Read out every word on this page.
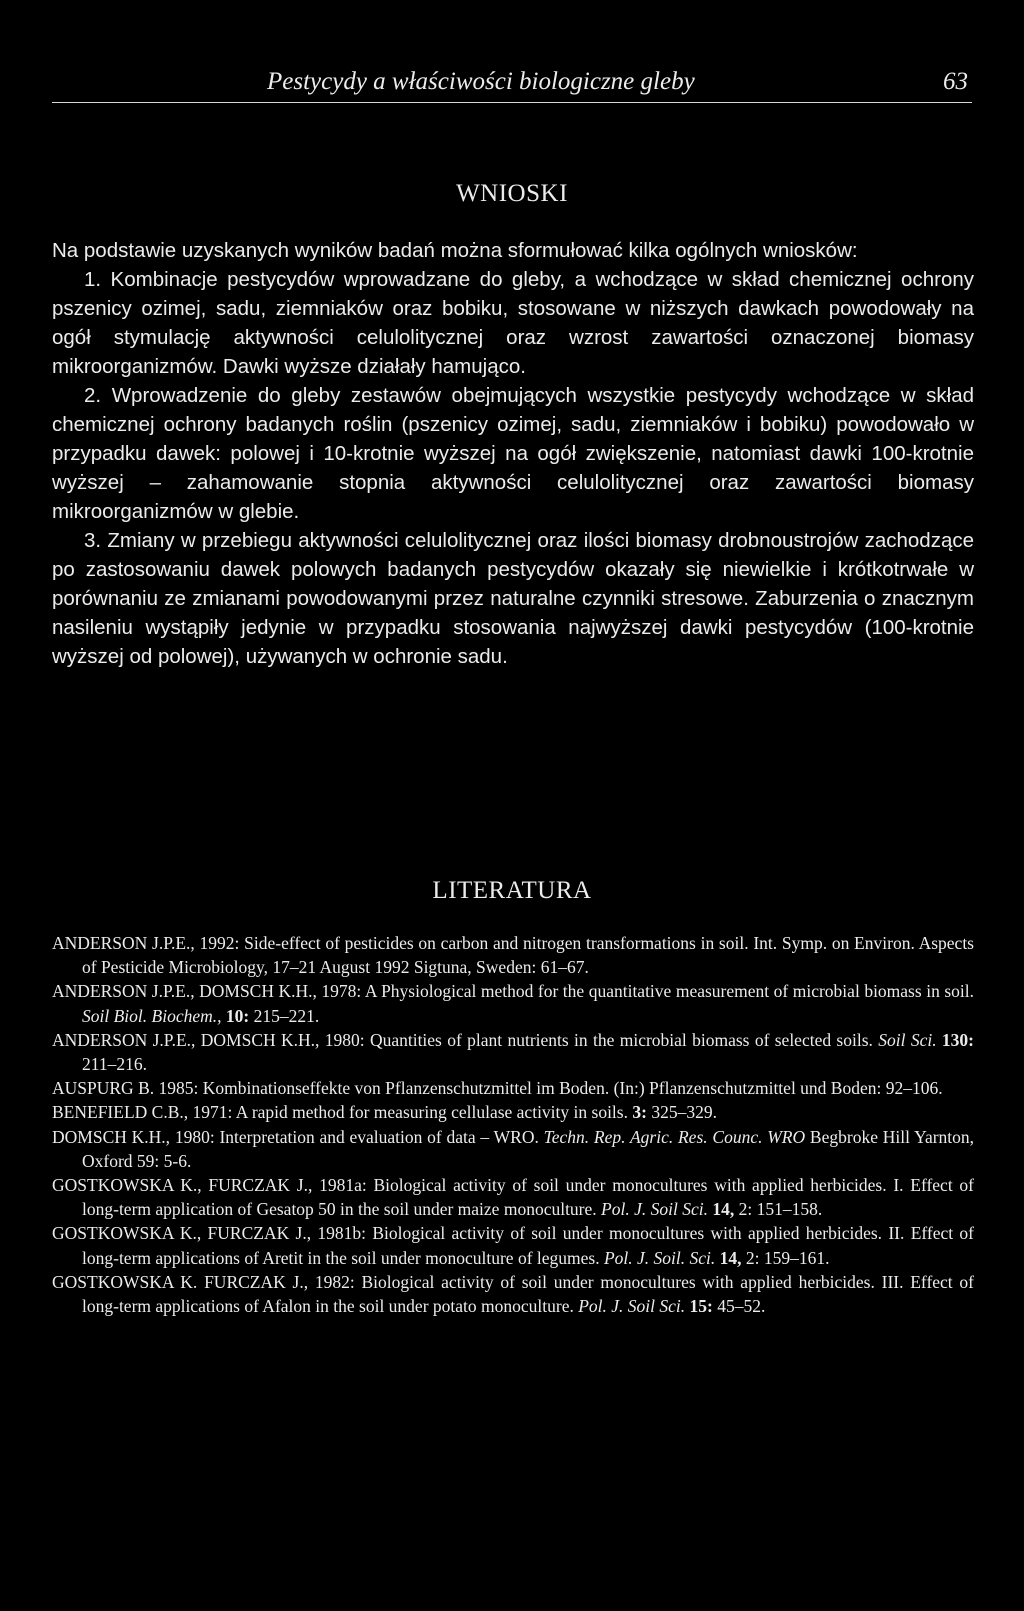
Pestycydy a właściwości biologiczne gleby	63
WNIOSKI

Na podstawie uzyskanych wyników badań można sformułować kilka ogólnych wniosków:

1. Kombinacje pestycydów wprowadzane do gleby, a wchodzące w skład chemicznej ochrony pszenicy ozimej, sadu, ziemniaków oraz bobiku, stosowane w niższych dawkach powodowały na ogół stymulację aktywności celulolitycznej oraz wzrost zawartości oznaczonej biomasy mikroorganizmów. Dawki wyższe działały hamująco.

2. Wprowadzenie do gleby zestawów obejmujących wszystkie pestycydy wchodzące w skład chemicznej ochrony badanych roślin (pszenicy ozimej, sadu, ziemniaków i bobiku) powodowało w przypadku dawek: polowej i 10-krotnie wyższej na ogół zwiększenie, natomiast dawki 100-krotnie wyższej – zahamowanie stopnia aktywności celulolitycznej oraz zawartości biomasy mikroorganizmów w glebie.

3. Zmiany w przebiegu aktywności celulolitycznej oraz ilości biomasy drobnoustrojów zachodzące po zastosowaniu dawek polowych badanych pestycydów okazały się niewielkie i krótkotrwałe w porównaniu ze zmianami powodowanymi przez naturalne czynniki stresowe. Zaburzenia o znacznym nasileniu wystąpiły jedynie w przypadku stosowania najwyższej dawki pestycydów (100-krotnie wyższej od polowej), używanych w ochronie sadu.

LITERATURA
ANDERSON J.P.E., 1992: Side-effect of pesticides on carbon and nitrogen transformations in soil. Int. Symp. on Environ. Aspects of Pesticide Microbiology, 17–21 August 1992 Sigtuna, Sweden: 61–67.
ANDERSON J.P.E., DOMSCH K.H., 1978: A Physiological method for the quantitative measurement of microbial biomass in soil. Soil Biol. Biochem., 10: 215–221.
ANDERSON J.P.E., DOMSCH K.H., 1980: Quantities of plant nutrients in the microbial biomass of selected soils. Soil Sci. 130: 211–216.
AUSPURG B. 1985: Kombinationseffekte von Pflanzenschutzmittel im Boden. (In:) Pflanzenschutzmittel und Boden: 92–106.
BENEFIELD C.B., 1971: A rapid method for measuring cellulase activity in soils. 3: 325–329.
DOMSCH K.H., 1980: Interpretation and evaluation of data – WRO. Techn. Rep. Agric. Res. Counc. WRO Begbroke Hill Yarnton, Oxford 59: 5-6.
GOSTKOWSKA K., FURCZAK J., 1981a: Biological activity of soil under monocultures with applied herbicides. I. Effect of long-term application of Gesatop 50 in the soil under maize monoculture. Pol. J. Soil Sci. 14, 2: 151–158.
GOSTKOWSKA K., FURCZAK J., 1981b: Biological activity of soil under monocultures with applied herbicides. II. Effect of long-term applications of Aretit in the soil under monoculture of legumes. Pol. J. Soil. Sci. 14, 2: 159–161.
GOSTKOWSKA K. FURCZAK J., 1982: Biological activity of soil under monocultures with applied herbicides. III. Effect of long-term applications of Afalon in the soil under potato monoculture. Pol. J. Soil Sci. 15: 45–52.
